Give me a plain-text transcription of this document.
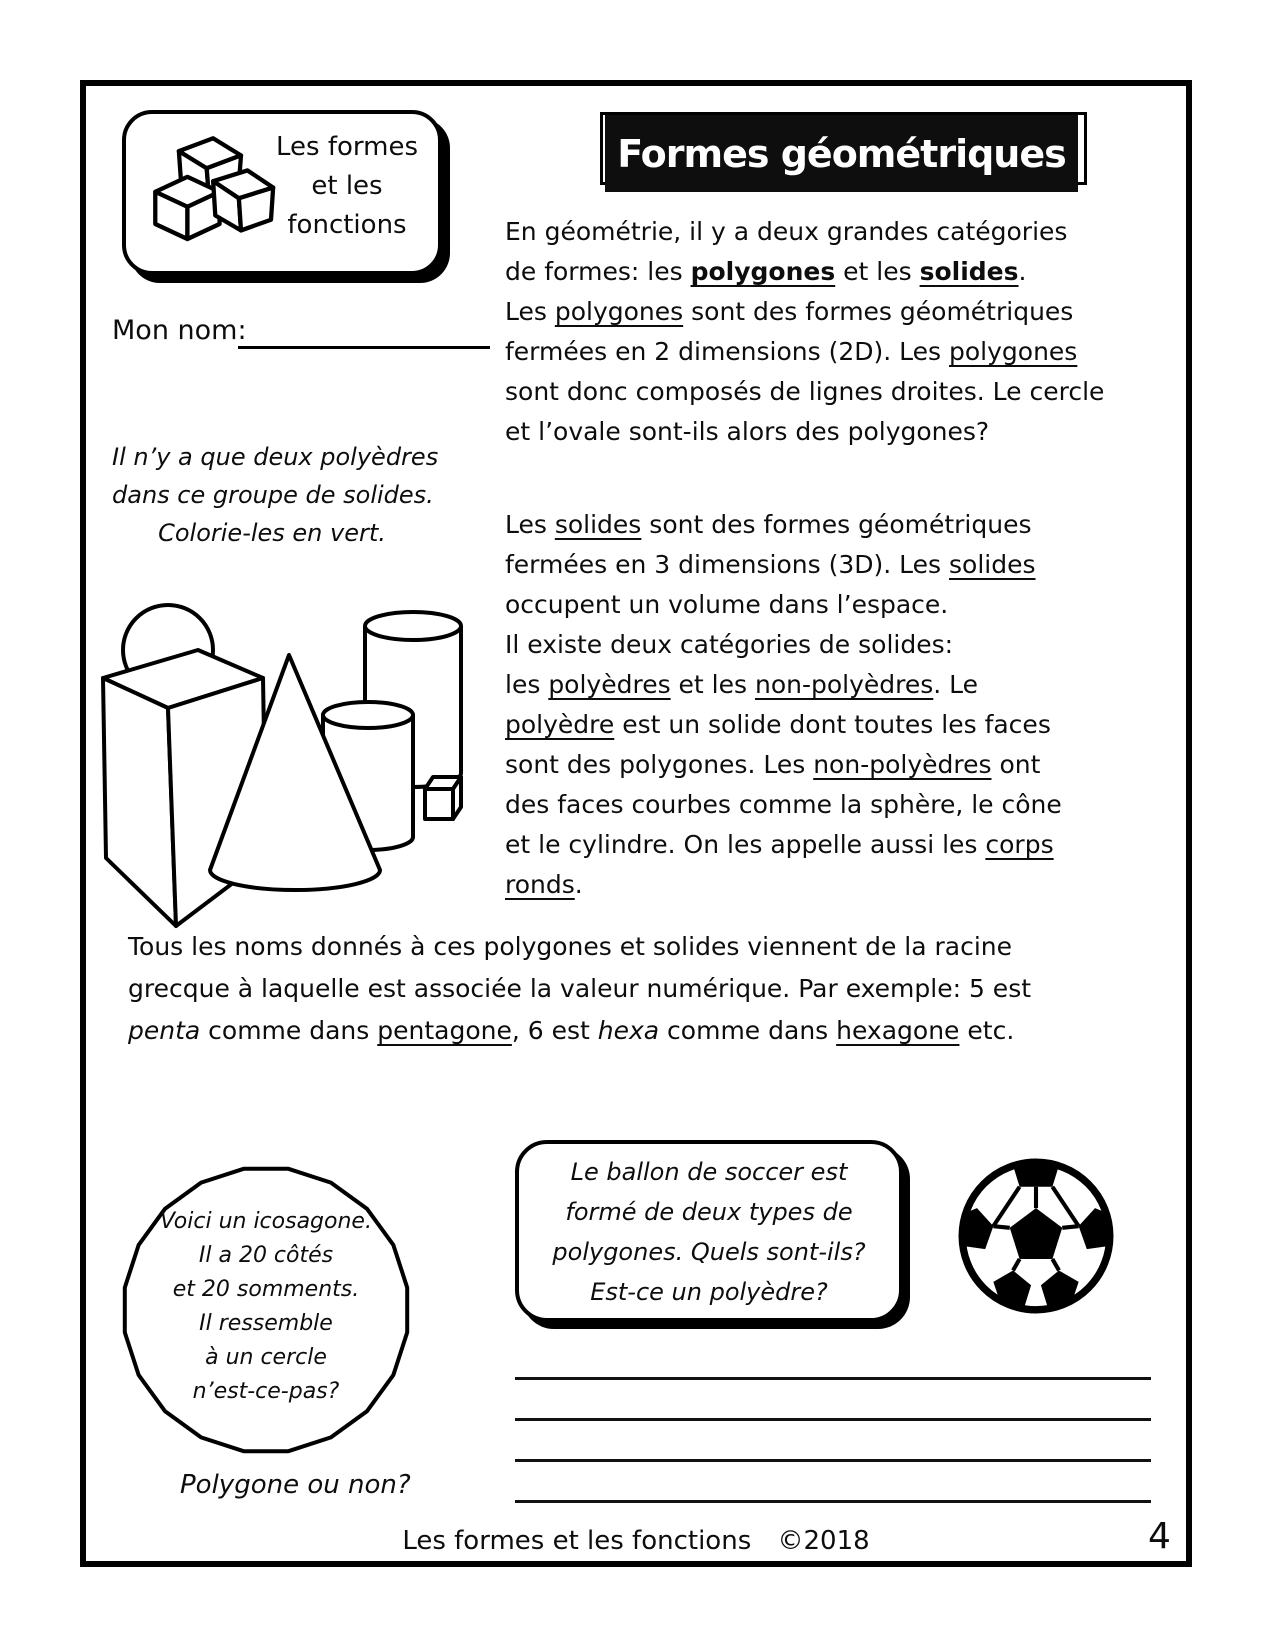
Les formes
et les
fonctions
Formes géométriques
Mon nom:
Il n’y a que deux polyèdres
dans ce groupe de solides.
Colorie-les en vert.
En géométrie, il y a deux grandes catégories
de formes: les polygones et les solides.
Les polygones sont des formes géométriques
fermées en 2 dimensions (2D). Les polygones
sont donc composés de lignes droites. Le cercle
et l’ovale sont-ils alors des polygones?
Les solides sont des formes géométriques
fermées en 3 dimensions (3D). Les solides
occupent un volume dans l’espace.
Il existe deux catégories de solides:
les polyèdres et les non-polyèdres. Le
polyèdre est un solide dont toutes les faces
sont des polygones. Les non-polyèdres ont
des faces courbes comme la sphère, le cône
et le cylindre. On les appelle aussi les corps
ronds.
Tous les noms donnés à ces polygones et solides viennent de la racine
grecque à laquelle est associée la valeur numérique. Par exemple: 5 est
penta comme dans pentagone, 6 est hexa comme dans hexagone etc.
Voici un icosagone.
Il a 20 côtés
et 20 somments.
Il ressemble
à un cercle
n’est-ce-pas?
Polygone ou non?
Le ballon de soccer est
formé de deux types de
polygones. Quels sont-ils?
Est-ce un polyèdre?
Les formes et les fonctions ©2018	4
